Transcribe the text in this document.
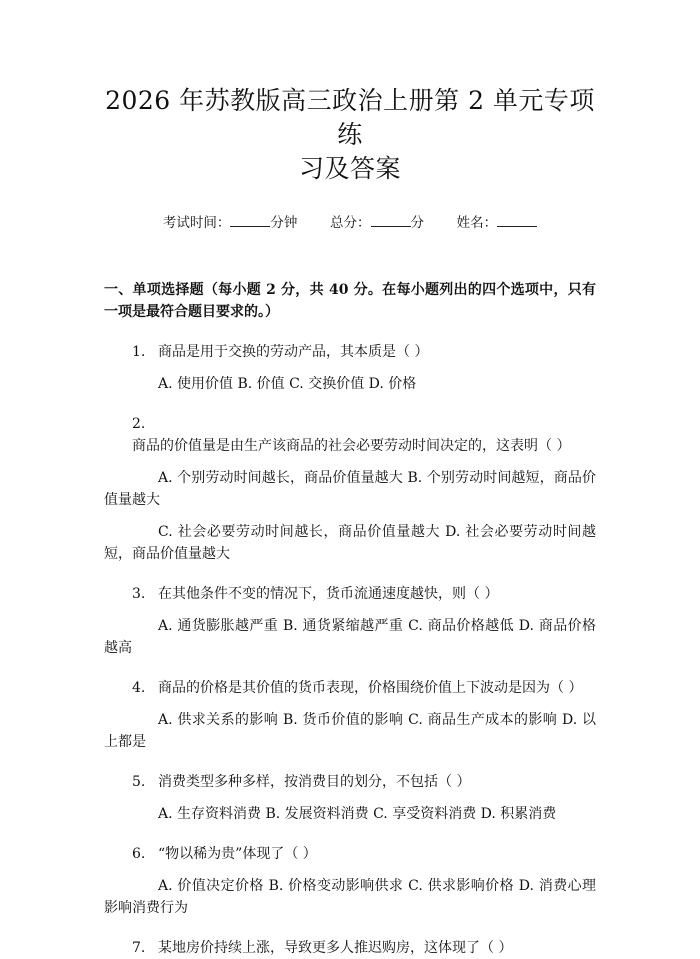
2026 年苏教版高三政治上册第 2 单元专项练
习及答案
考试时间：	分钟 总分：	分 姓名：
一、单项选择题（每小题 2 分，共 40 分。在每小题列出的四个选项中，只有一项是最符合题目要求的。）
1. 商品是用于交换的劳动产品，其本质是（ ）
A. 使用价值 B. 价值 C. 交换价值 D. 价格
2.商品的价值量是由生产该商品的社会必要劳动时间决定的，这表明（ ）
A. 个别劳动时间越长，商品价值量越大 B. 个别劳动时间越短，商品价值量越大
C. 社会必要劳动时间越长，商品价值量越大 D. 社会必要劳动时间越短，商品价值量越大
3. 在其他条件不变的情况下，货币流通速度越快，则（ ）
A. 通货膨胀越严重 B. 通货紧缩越严重 C. 商品价格越低 D. 商品价格越高
4. 商品的价格是其价值的货币表现，价格围绕价值上下波动是因为（ ）
A. 供求关系的影响 B. 货币价值的影响 C. 商品生产成本的影响 D. 以上都是
5. 消费类型多种多样，按消费目的划分，不包括（ ）
A. 生存资料消费 B. 发展资料消费 C. 享受资料消费 D. 积累消费
6. “物以稀为贵”体现了（ ）
A. 价值决定价格 B. 价格变动影响供求 C. 供求影响价格 D. 消费心理影响消费行为
7. 某地房价持续上涨，导致更多人推迟购房，这体现了（ ）
